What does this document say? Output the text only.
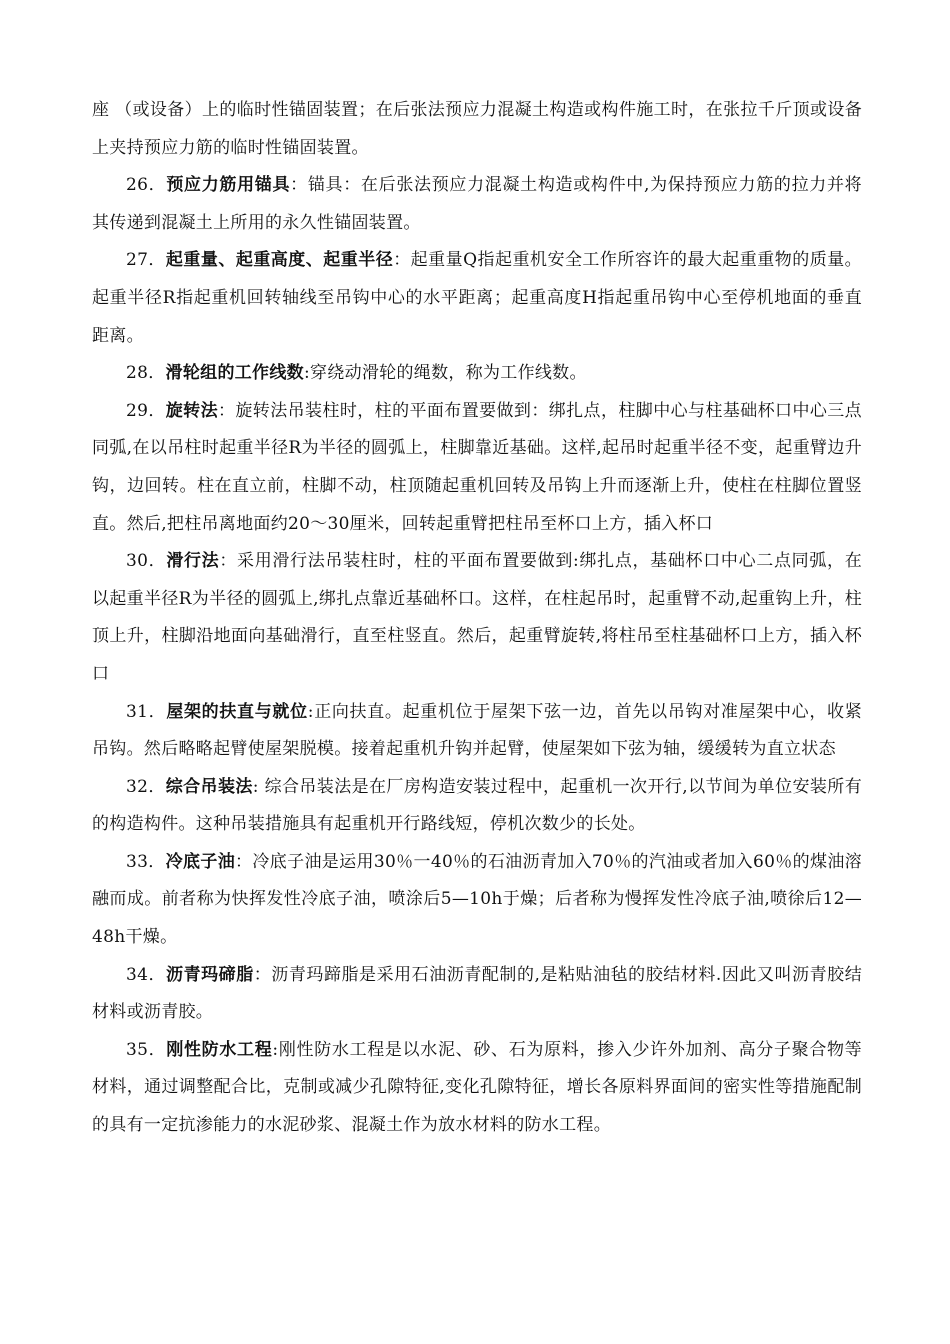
座 （或设备）上的临时性锚固装置；在后张法预应力混凝土构造或构件施工时，在张拉千斤顶或设备上夹持预应力筋的临时性锚固装置。

26．预应力筋用锚具：锚具：在后张法预应力混凝土构造或构件中,为保持预应力筋的拉力并将其传递到混凝土上所用的永久性锚固装置。

27．起重量、起重高度、起重半径：起重量Q指起重机安全工作所容许的最大起重重物的质量。起重半径R指起重机回转轴线至吊钩中心的水平距离；起重高度H指起重吊钩中心至停机地面的垂直距离。

28．滑轮组的工作线数:穿绕动滑轮的绳数，称为工作线数。

29．旋转法：旋转法吊装柱时，柱的平面布置要做到：绑扎点，柱脚中心与柱基础杯口中心三点同弧,在以吊柱时起重半径R为半径的圆弧上，柱脚靠近基础。这样,起吊时起重半径不变，起重臂边升钩，边回转。柱在直立前，柱脚不动，柱顶随起重机回转及吊钩上升而逐渐上升，使柱在柱脚位置竖直。然后,把柱吊离地面约20～30厘米，回转起重臂把柱吊至杯口上方，插入杯口

30．滑行法：采用滑行法吊装柱时，柱的平面布置要做到:绑扎点，基础杯口中心二点同弧，在以起重半径R为半径的圆弧上,绑扎点靠近基础杯口。这样，在柱起吊时，起重臂不动,起重钩上升，柱顶上升，柱脚沿地面向基础滑行，直至柱竖直。然后，起重臂旋转,将柱吊至柱基础杯口上方，插入杯口

31．屋架的扶直与就位:正向扶直。起重机位于屋架下弦一边，首先以吊钩对准屋架中心，收紧吊钩。然后略略起臂使屋架脱模。接着起重机升钩并起臂，使屋架如下弦为轴，缓缓转为直立状态

32．综合吊装法: 综合吊装法是在厂房构造安装过程中，起重机一次开行,以节间为单位安装所有的构造构件。这种吊装措施具有起重机开行路线短，停机次数少的长处。

33．冷底子油：冷底子油是运用30％一40％的石油沥青加入70％的汽油或者加入60％的煤油溶融而成。前者称为快挥发性冷底子油，喷涂后5—10h于燥；后者称为慢挥发性冷底子油,喷徐后12—48h干燥。

34．沥青玛碲脂：沥青玛蹄脂是采用石油沥青配制的,是粘贴油毡的胶结材料.因此又叫沥青胶结材料或沥青胶。

35．刚性防水工程:刚性防水工程是以水泥、砂、石为原料，掺入少许外加剂、高分子聚合物等材料，通过调整配合比，克制或减少孔隙特征,变化孔隙特征，增长各原料界面间的密实性等措施配制的具有一定抗渗能力的水泥砂浆、混凝土作为放水材料的防水工程。
